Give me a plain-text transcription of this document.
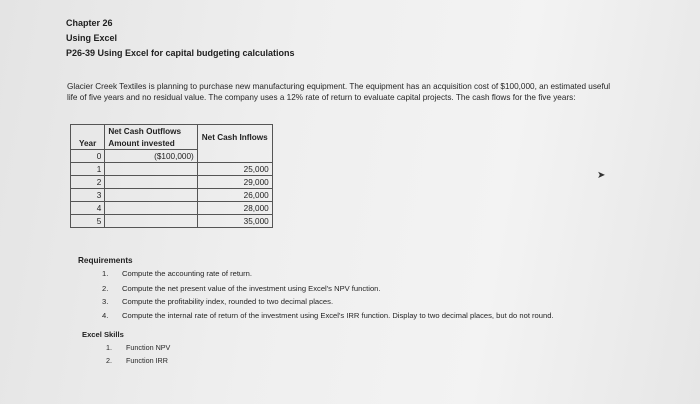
Chapter 26
Using Excel
P26-39 Using Excel for capital budgeting calculations
Glacier Creek Textiles is planning to purchase new manufacturing equipment. The equipment has an acquisition cost of $100,000, an estimated useful
life of five years and no residual value. The company uses a 12% rate of return to evaluate capital projects. The cash flows for the five years:
	Net Cash Outflows	
Year	Amount invested	Net Cash Inflows
0	($100,000)	
1		25,000
2		29,000
3		26,000
4		28,000
5		35,000
➤
Requirements
1. Compute the accounting rate of return.
2. Compute the net present value of the investment using Excel's NPV function.
3. Compute the profitability index, rounded to two decimal places.
4. Compute the internal rate of return of the investment using Excel's IRR function. Display to two decimal places, but do not round.
Excel Skills
1. Function NPV
2. Function IRR
